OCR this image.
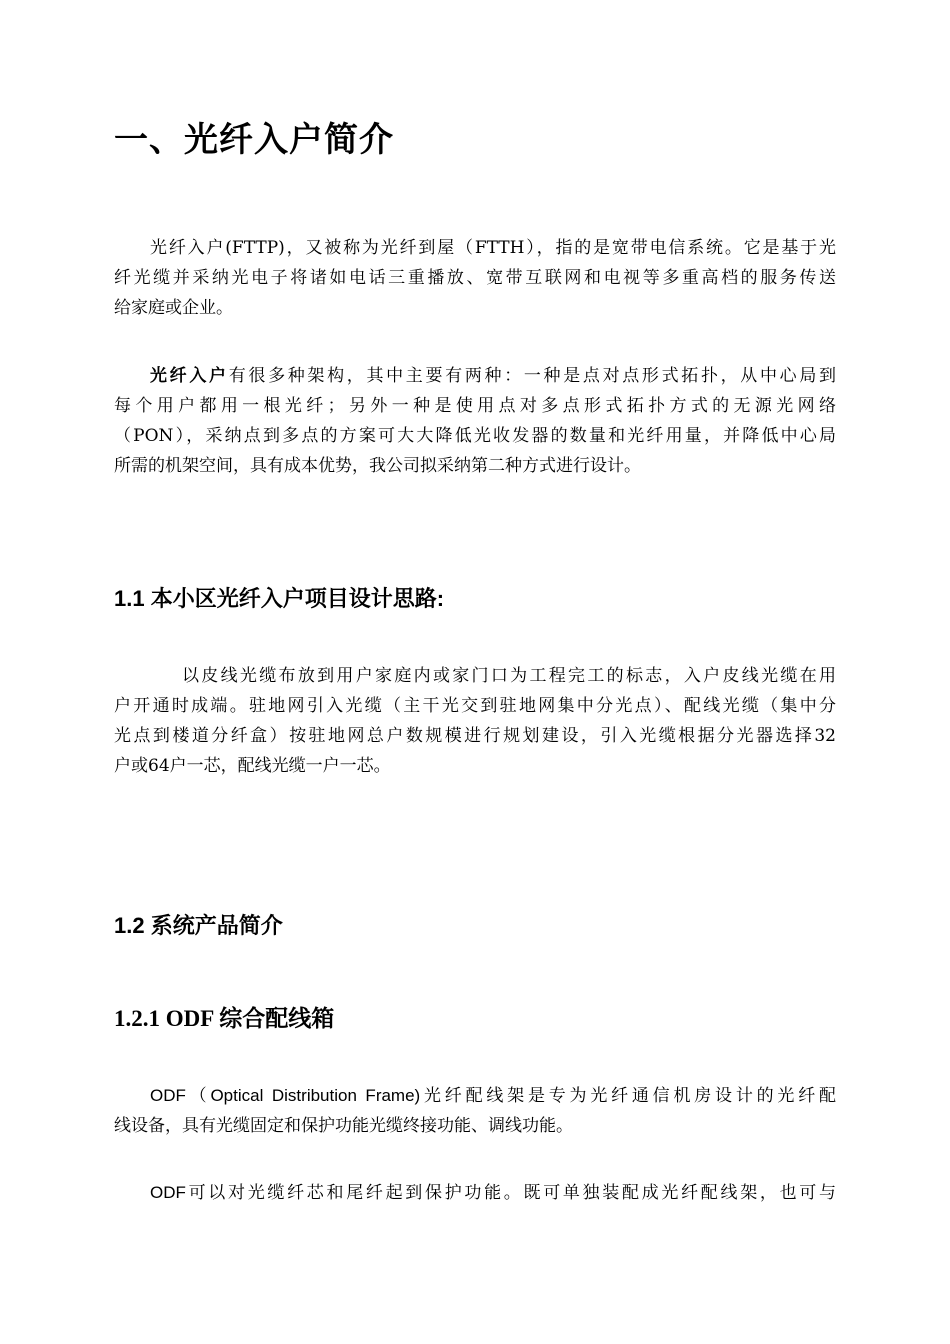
一、光纤入户简介
光纤入户(FTTP)，又被称为光纤到屋（FTTH），指的是宽带电信系统。它是基于光
纤光缆并采纳光电子将诸如电话三重播放、宽带互联网和电视等多重高档的服务传送
给家庭或企业。
光纤入户有很多种架构，其中主要有两种：一种是点对点形式拓扑，从中心局到
每个用户都用一根光纤；另外一种是使用点对多点形式拓扑方式的无源光网络
（PON），采纳点到多点的方案可大大降低光收发器的数量和光纤用量，并降低中心局
所需的机架空间，具有成本优势，我公司拟采纳第二种方式进行设计。
1.1 本小区光纤入户项目设计思路:
以皮线光缆布放到用户家庭内或家门口为工程完工的标志，入户皮线光缆在用
户开通时成端。驻地网引入光缆（主干光交到驻地网集中分光点）、配线光缆（集中分
光点到楼道分纤盒）按驻地网总户数规模进行规划建设，引入光缆根据分光器选择32
户或64户一芯，配线光缆一户一芯。
1.2 系统产品简介
1.2.1 ODF 综合配线箱
ODF（Optical Distribution Frame)光纤配线架是专为光纤通信机房设计的光纤配
线设备，具有光缆固定和保护功能光缆终接功能、调线功能。
ODF可以对光缆纤芯和尾纤起到保护功能。既可单独装配成光纤配线架，也可与
